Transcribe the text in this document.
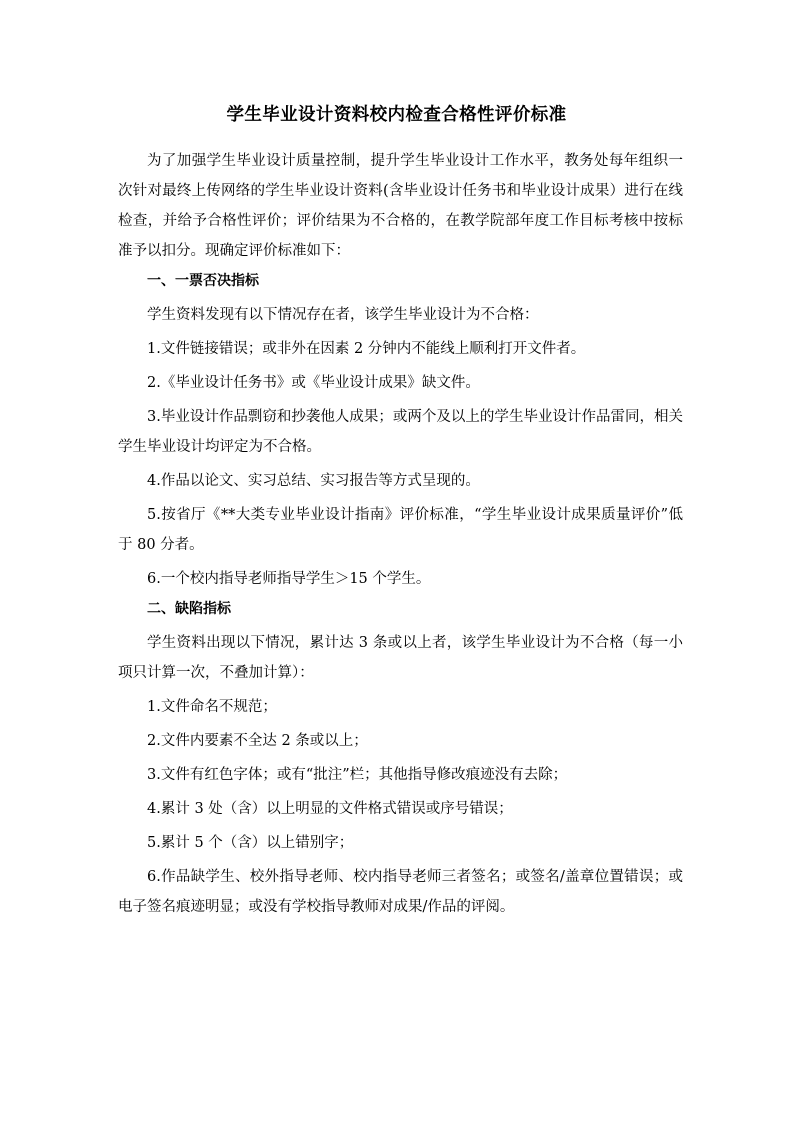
学生毕业设计资料校内检查合格性评价标准

为了加强学生毕业设计质量控制，提升学生毕业设计工作水平，教务处每年组织一次针对最终上传网络的学生毕业设计资料(含毕业设计任务书和毕业设计成果）进行在线检查，并给予合格性评价；评价结果为不合格的，在教学院部年度工作目标考核中按标准予以扣分。现确定评价标准如下：

一、一票否决指标

学生资料发现有以下情况存在者，该学生毕业设计为不合格：

1.文件链接错误；或非外在因素 2 分钟内不能线上顺利打开文件者。

2.《毕业设计任务书》或《毕业设计成果》缺文件。

3.毕业设计作品剽窃和抄袭他人成果；或两个及以上的学生毕业设计作品雷同，相关学生毕业设计均评定为不合格。

4.作品以论文、实习总结、实习报告等方式呈现的。

5.按省厅《**大类专业毕业设计指南》评价标准，“学生毕业设计成果质量评价”低于 80 分者。

6.一个校内指导老师指导学生＞15 个学生。

二、缺陷指标

学生资料出现以下情况，累计达 3 条或以上者，该学生毕业设计为不合格（每一小项只计算一次，不叠加计算）：

1.文件命名不规范；

2.文件内要素不全达 2 条或以上；

3.文件有红色字体；或有“批注”栏；其他指导修改痕迹没有去除；

4.累计 3 处（含）以上明显的文件格式错误或序号错误；

5.累计 5 个（含）以上错别字；

6.作品缺学生、校外指导老师、校内指导老师三者签名；或签名/盖章位置错误；或电子签名痕迹明显；或没有学校指导教师对成果/作品的评阅。
